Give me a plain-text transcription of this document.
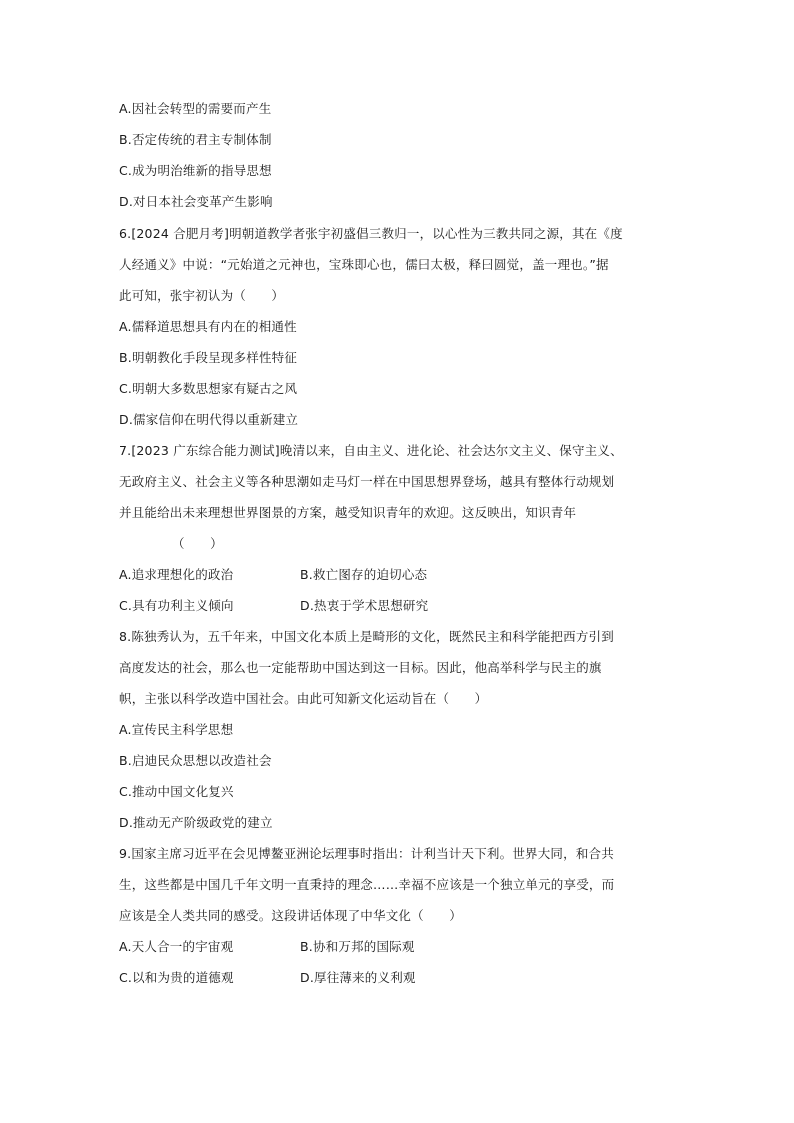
A.因社会转型的需要而产生
B.否定传统的君主专制体制
C.成为明治维新的指导思想
D.对日本社会变革产生影响
6.[2024 合肥月考]明朝道教学者张宇初盛倡三教归一，以心性为三教共同之源，其在《度
人经通义》中说：“元始道之元神也，宝珠即心也，儒曰太极，释曰圆觉，盖一理也。”据
此可知，张宇初认为（　　）
A.儒释道思想具有内在的相通性
B.明朝教化手段呈现多样性特征
C.明朝大多数思想家有疑古之风
D.儒家信仰在明代得以重新建立
7.[2023 广东综合能力测试]晚清以来，自由主义、进化论、社会达尔文主义、保守主义、
无政府主义、社会主义等各种思潮如走马灯一样在中国思想界登场，越具有整体行动规划
并且能给出未来理想世界图景的方案，越受知识青年的欢迎。这反映出，知识青年
（　　）
A.追求理想化的政治	B.救亡图存的迫切心态
C.具有功利主义倾向	D.热衷于学术思想研究
8.陈独秀认为，五千年来，中国文化本质上是畸形的文化，既然民主和科学能把西方引到
高度发达的社会，那么也一定能帮助中国达到这一目标。因此，他高举科学与民主的旗
帜，主张以科学改造中国社会。由此可知新文化运动旨在（　　）
A.宣传民主科学思想
B.启迪民众思想以改造社会
C.推动中国文化复兴
D.推动无产阶级政党的建立
9.国家主席习近平在会见博鳌亚洲论坛理事时指出：计利当计天下利。世界大同，和合共
生，这些都是中国几千年文明一直秉持的理念……幸福不应该是一个独立单元的享受，而
应该是全人类共同的感受。这段讲话体现了中华文化（　　）
A.天人合一的宇宙观	B.协和万邦的国际观
C.以和为贵的道德观	D.厚往薄来的义利观
